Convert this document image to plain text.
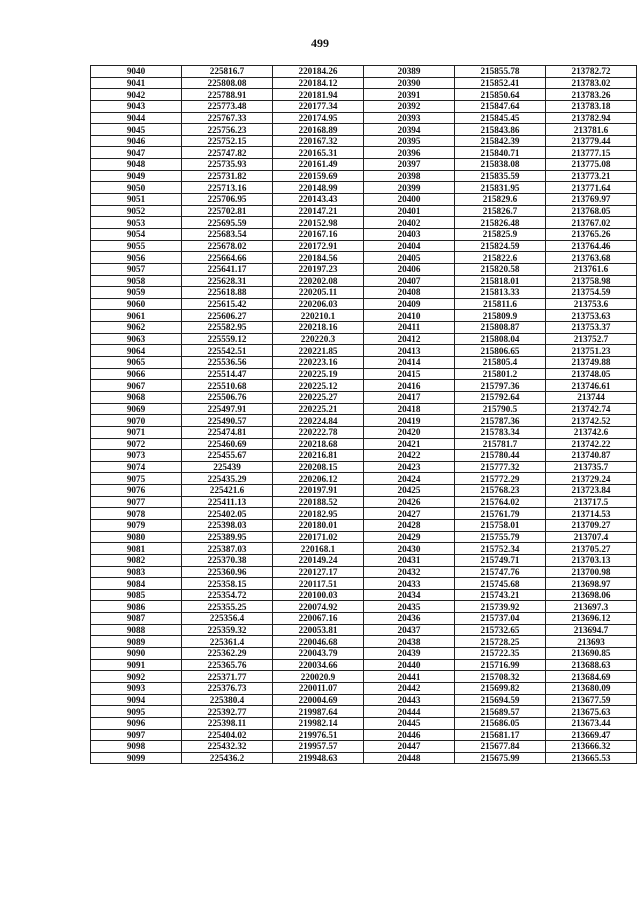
499
9040	225816.7	220184.26	20389	215855.78	213782.72
9041	225808.08	220184.12	20390	215852.41	213783.02
9042	225788.91	220181.94	20391	215850.64	213783.26
9043	225773.48	220177.34	20392	215847.64	213783.18
9044	225767.33	220174.95	20393	215845.45	213782.94
9045	225756.23	220168.89	20394	215843.86	213781.6
9046	225752.15	220167.32	20395	215842.39	213779.44
9047	225747.82	220165.31	20396	215840.71	213777.15
9048	225735.93	220161.49	20397	215838.08	213775.08
9049	225731.82	220159.69	20398	215835.59	213773.21
9050	225713.16	220148.99	20399	215831.95	213771.64
9051	225706.95	220143.43	20400	215829.6	213769.97
9052	225702.81	220147.21	20401	215826.7	213768.05
9053	225695.59	220152.98	20402	215826.48	213767.02
9054	225683.54	220167.16	20403	215825.9	213765.26
9055	225678.02	220172.91	20404	215824.59	213764.46
9056	225664.66	220184.56	20405	215822.6	213763.68
9057	225641.17	220197.23	20406	215820.58	213761.6
9058	225628.31	220202.08	20407	215818.01	213758.98
9059	225618.88	220205.11	20408	215813.33	213754.59
9060	225615.42	220206.03	20409	215811.6	213753.6
9061	225606.27	220210.1	20410	215809.9	213753.63
9062	225582.95	220218.16	20411	215808.87	213753.37
9063	225559.12	220220.3	20412	215808.04	213752.7
9064	225542.51	220221.85	20413	215806.65	213751.23
9065	225536.56	220223.16	20414	215805.4	213749.88
9066	225514.47	220225.19	20415	215801.2	213748.05
9067	225510.68	220225.12	20416	215797.36	213746.61
9068	225506.76	220225.27	20417	215792.64	213744
9069	225497.91	220225.21	20418	215790.5	213742.74
9070	225490.57	220224.84	20419	215787.36	213742.52
9071	225474.81	220222.78	20420	215783.34	213742.6
9072	225460.69	220218.68	20421	215781.7	213742.22
9073	225455.67	220216.81	20422	215780.44	213740.87
9074	225439	220208.15	20423	215777.32	213735.7
9075	225435.29	220206.12	20424	215772.29	213729.24
9076	225421.6	220197.91	20425	215768.23	213723.84
9077	225411.13	220188.52	20426	215764.02	213717.5
9078	225402.05	220182.95	20427	215761.79	213714.53
9079	225398.03	220180.01	20428	215758.01	213709.27
9080	225389.95	220171.02	20429	215755.79	213707.4
9081	225387.03	220168.1	20430	215752.34	213705.27
9082	225370.38	220149.24	20431	215749.71	213703.13
9083	225360.96	220127.17	20432	215747.76	213700.98
9084	225358.15	220117.51	20433	215745.68	213698.97
9085	225354.72	220100.03	20434	215743.21	213698.06
9086	225355.25	220074.92	20435	215739.92	213697.3
9087	225356.4	220067.16	20436	215737.04	213696.12
9088	225359.32	220053.81	20437	215732.65	213694.7
9089	225361.4	220046.68	20438	215728.25	213693
9090	225362.29	220043.79	20439	215722.35	213690.85
9091	225365.76	220034.66	20440	215716.99	213688.63
9092	225371.77	220020.9	20441	215708.32	213684.69
9093	225376.73	220011.07	20442	215699.82	213680.09
9094	225380.4	220004.69	20443	215694.59	213677.59
9095	225392.77	219987.64	20444	215689.57	213675.63
9096	225398.11	219982.14	20445	215686.05	213673.44
9097	225404.02	219976.51	20446	215681.17	213669.47
9098	225432.32	219957.57	20447	215677.84	213666.32
9099	225436.2	219948.63	20448	215675.99	213665.53
